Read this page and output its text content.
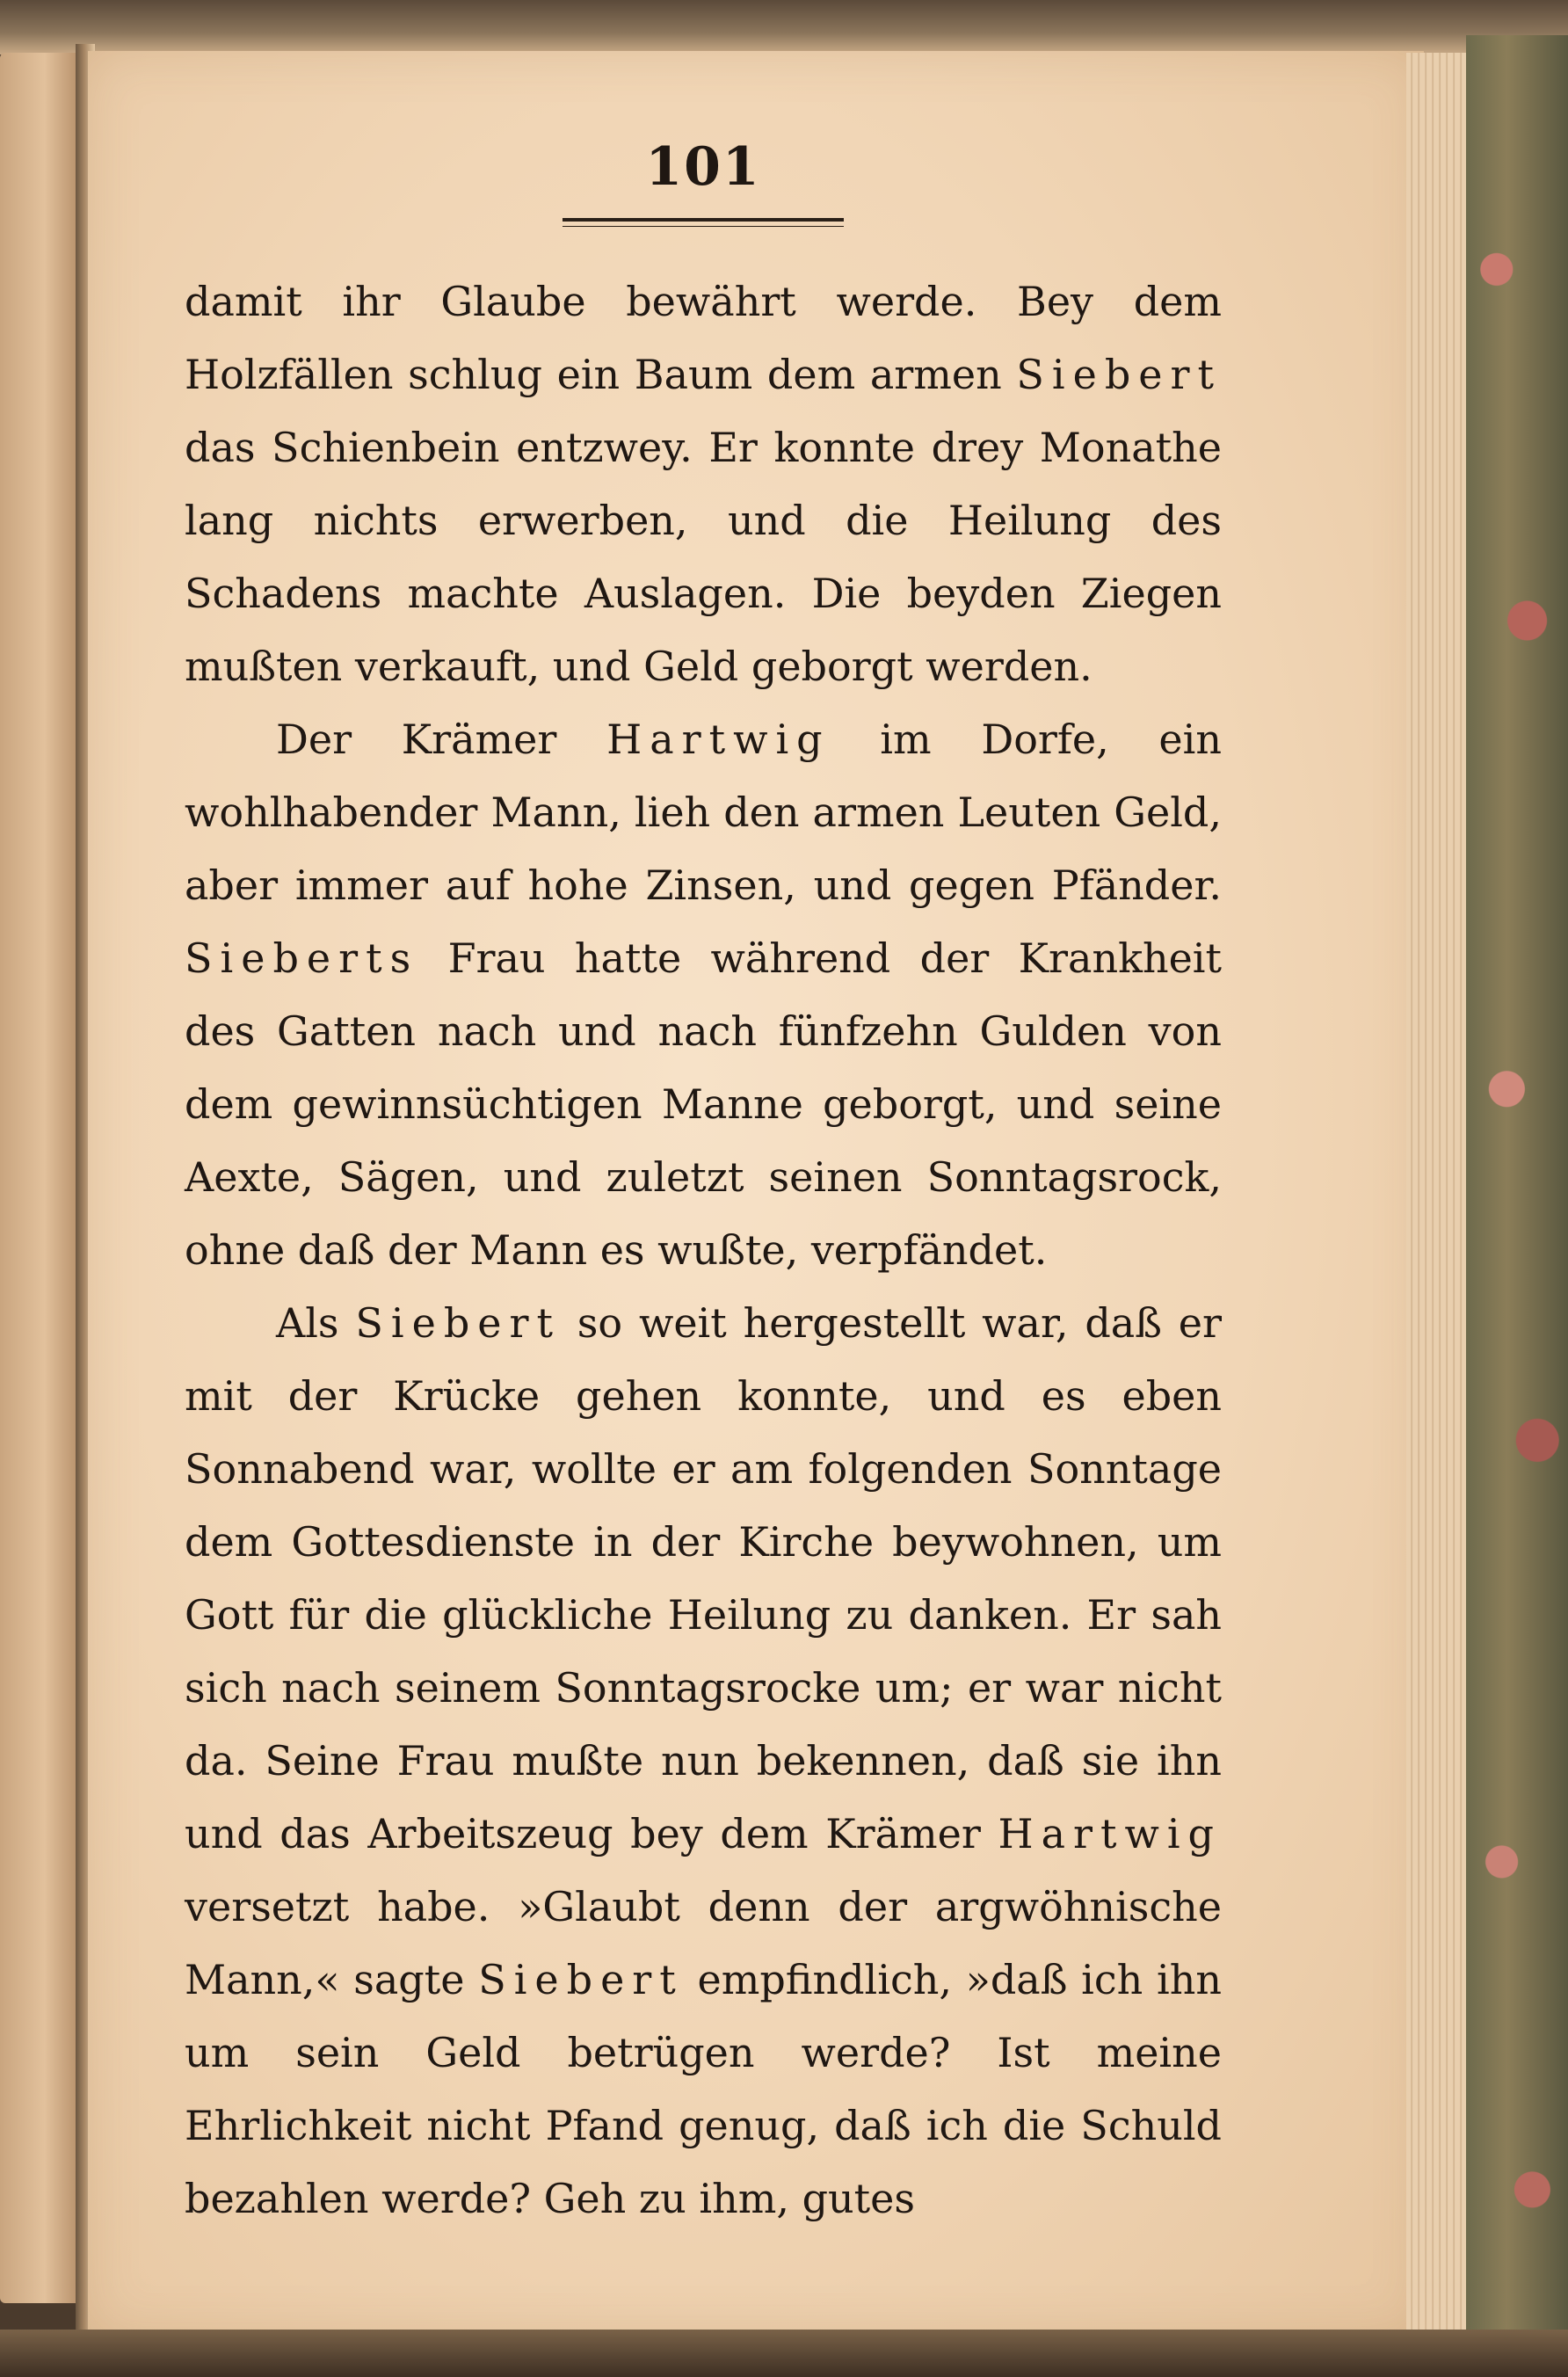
101

damit ihr Glaube bewährt werde. Bey dem Holzfällen schlug ein Baum dem armen Siebert das Schienbein entzwey. Er konnte drey Monathe lang nichts erwerben, und die Heilung des Schadens machte Auslagen. Die beyden Ziegen mußten verkauft, und Geld geborgt werden.

Der Krämer Hartwig im Dorfe, ein wohlhabender Mann, lieh den armen Leuten Geld, aber immer auf hohe Zinsen, und gegen Pfänder. Sieberts Frau hatte während der Krankheit des Gatten nach und nach fünfzehn Gulden von dem gewinnsüchtigen Manne geborgt, und seine Aexte, Sägen, und zuletzt seinen Sonntagsrock, ohne daß der Mann es wußte, verpfändet.

Als Siebert so weit hergestellt war, daß er mit der Krücke gehen konnte, und es eben Sonnabend war, wollte er am folgenden Sonntage dem Gottesdienste in der Kirche beywohnen, um Gott für die glückliche Heilung zu danken. Er sah sich nach seinem Sonntagsrocke um; er war nicht da. Seine Frau mußte nun bekennen, daß sie ihn und das Arbeitszeug bey dem Krämer Hartwig versetzt habe. »Glaubt denn der argwöhnische Mann,« sagte Siebert empfindlich, »daß ich ihn um sein Geld betrügen werde? Ist meine Ehrlichkeit nicht Pfand genug, daß ich die Schuld bezahlen werde? Geh zu ihm, gutes
